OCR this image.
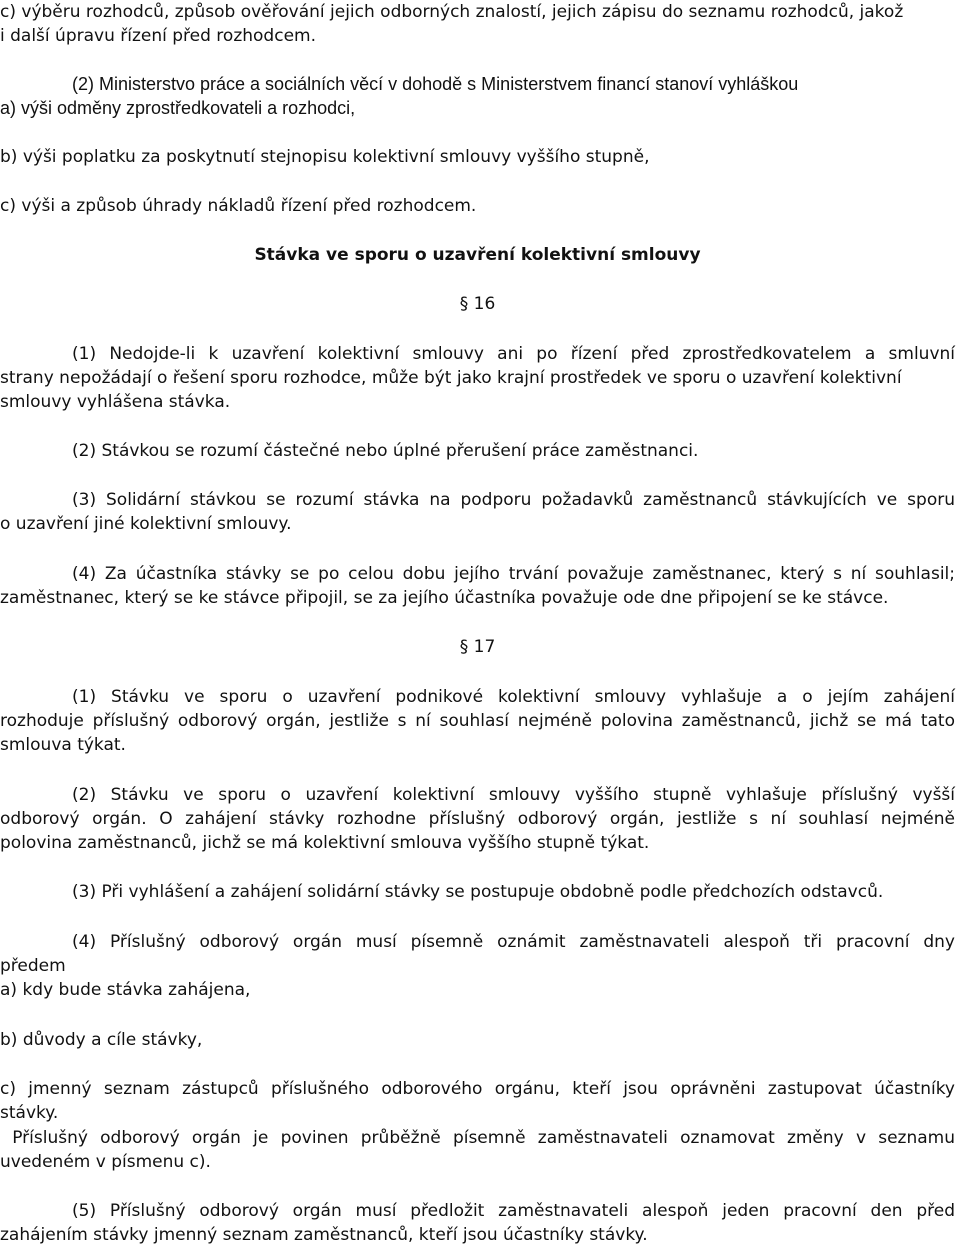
c) výběru rozhodců, způsob ověřování jejich odborných znalostí, jejich zápisu do seznamu rozhodců, jakož
i další úpravu řízení před rozhodcem.
(2) Ministerstvo práce a sociálních věcí v dohodě s Ministerstvem financí stanoví vyhláškou
a) výši odměny zprostředkovateli a rozhodci,
b) výši poplatku za poskytnutí stejnopisu kolektivní smlouvy vyššího stupně,
c) výši a způsob úhrady nákladů řízení před rozhodcem.
Stávka ve sporu o uzavření kolektivní smlouvy
§ 16
(1) Nedojde-li k uzavření kolektivní smlouvy ani po řízení před zprostředkovatelem a smluvní
strany nepožádají o řešení sporu rozhodce, může být jako krajní prostředek ve sporu o uzavření kolektivní
smlouvy vyhlášena stávka.
(2) Stávkou se rozumí částečné nebo úplné přerušení práce zaměstnanci.
(3) Solidární stávkou se rozumí stávka na podporu požadavků zaměstnanců stávkujících ve sporu
o uzavření jiné kolektivní smlouvy.
(4) Za účastníka stávky se po celou dobu jejího trvání považuje zaměstnanec, který s ní souhlasil;
zaměstnanec, který se ke stávce připojil, se za jejího účastníka považuje ode dne připojení se ke stávce.
§ 17
(1) Stávku ve sporu o uzavření podnikové kolektivní smlouvy vyhlašuje a o jejím zahájení
rozhoduje příslušný odborový orgán, jestliže s ní souhlasí nejméně polovina zaměstnanců, jichž se má tato
smlouva týkat.
(2) Stávku ve sporu o uzavření kolektivní smlouvy vyššího stupně vyhlašuje příslušný vyšší
odborový orgán. O zahájení stávky rozhodne příslušný odborový orgán, jestliže s ní souhlasí nejméně
polovina zaměstnanců, jichž se má kolektivní smlouva vyššího stupně týkat.
(3) Při vyhlášení a zahájení solidární stávky se postupuje obdobně podle předchozích odstavců.
(4) Příslušný odborový orgán musí písemně oznámit zaměstnavateli alespoň tři pracovní dny
předem
a) kdy bude stávka zahájena,
b) důvody a cíle stávky,
c) jmenný seznam zástupců příslušného odborového orgánu, kteří jsou oprávněni zastupovat účastníky
stávky.
Příslušný odborový orgán je povinen průběžně písemně zaměstnavateli oznamovat změny v seznamu
uvedeném v písmenu c).
(5) Příslušný odborový orgán musí předložit zaměstnavateli alespoň jeden pracovní den před
zahájením stávky jmenný seznam zaměstnanců, kteří jsou účastníky stávky.
